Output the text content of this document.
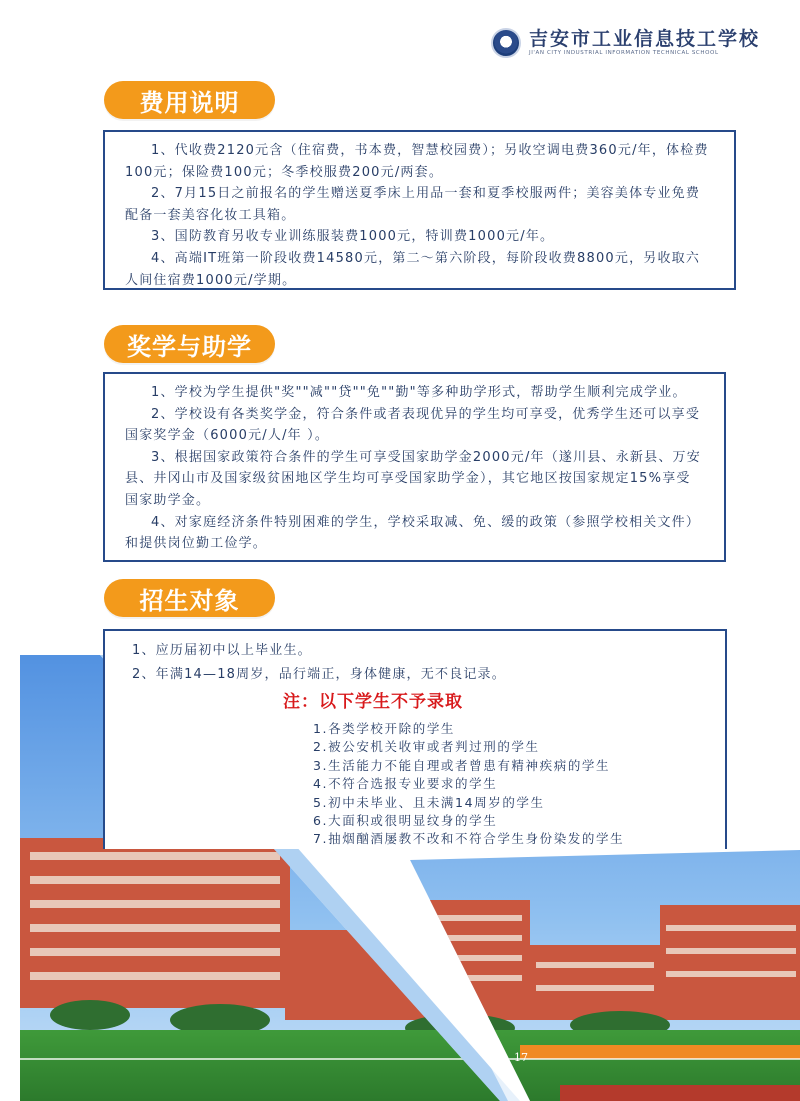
吉安市工业信息技工学校
JI'AN CITY INDUSTRIAL INFORMATION TECHNICAL SCHOOL
费用说明

1、代收费2120元含（住宿费，书本费，智慧校园费）；另收空调电费360元/年，体检费100元；保险费100元；冬季校服费200元/两套。

2、7月15日之前报名的学生赠送夏季床上用品一套和夏季校服两件；美容美体专业免费配备一套美容化妆工具箱。

3、国防教育另收专业训练服装费1000元，特训费1000元/年。

4、高端IT班第一阶段收费14580元，第二～第六阶段，每阶段收费8800元，另收取六人间住宿费1000元/学期。

奖学与助学

1、学校为学生提供"奖""减""贷""免""勤"等多种助学形式，帮助学生顺利完成学业。

2、学校设有各类奖学金，符合条件或者表现优异的学生均可享受，优秀学生还可以享受国家奖学金（6000元/人/年 ）。

3、根据国家政策符合条件的学生可享受国家助学金2000元/年（遂川县、永新县、万安县、井冈山市及国家级贫困地区学生均可享受国家助学金），其它地区按国家规定15%享受国家助学金。

4、对家庭经济条件特别困难的学生，学校采取减、免、缓的政策（参照学校相关文件）和提供岗位勤工俭学。

招生对象
1、应历届初中以上毕业生。
2、年满14—18周岁，品行端正，身体健康，无不良记录。
注：以下学生不予录取
1.各类学校开除的学生
2.被公安机关收审或者判过刑的学生
3.生活能力不能自理或者曾患有精神疾病的学生
4.不符合选报专业要求的学生
5.初中未毕业、且未满14周岁的学生
6.大面积或很明显纹身的学生
7.抽烟酗酒屡教不改和不符合学生身份染发的学生
17
